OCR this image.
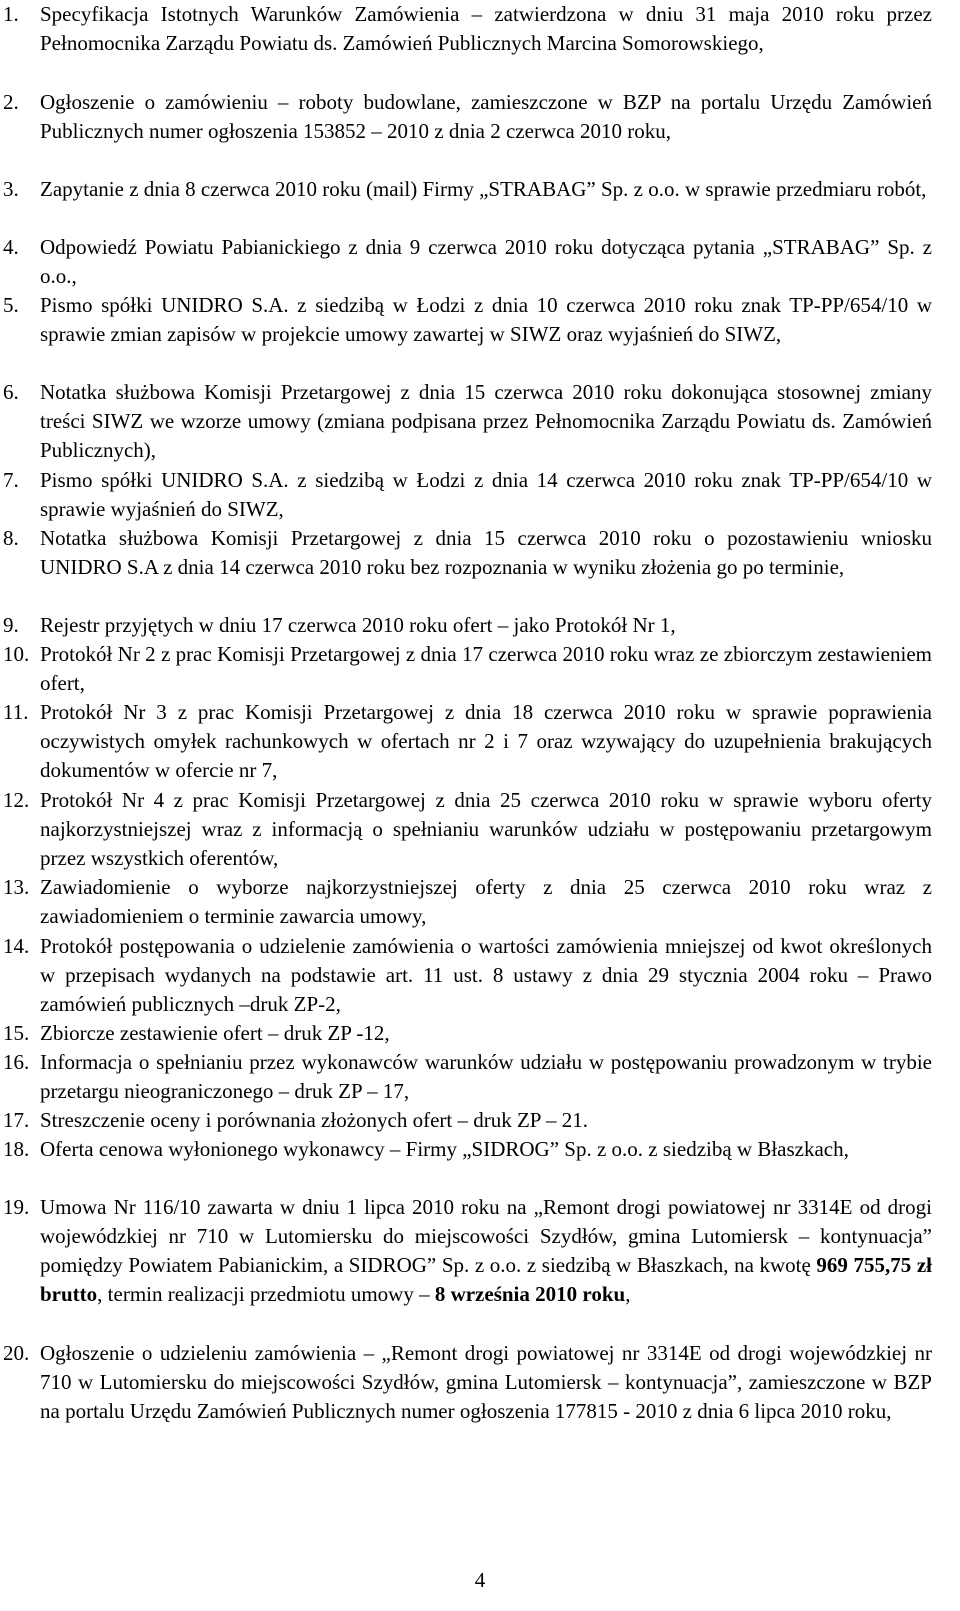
1. Specyfikacja Istotnych Warunków Zamówienia – zatwierdzona w dniu 31 maja 2010 roku przez Pełnomocnika Zarządu Powiatu ds. Zamówień Publicznych Marcina Somorowskiego,
2. Ogłoszenie o zamówieniu – roboty budowlane, zamieszczone w BZP na portalu Urzędu Zamówień Publicznych numer ogłoszenia 153852 – 2010 z dnia 2 czerwca 2010 roku,
3. Zapytanie z dnia 8 czerwca 2010 roku (mail) Firmy „STRABAG” Sp. z o.o. w sprawie przedmiaru robót,
4. Odpowiedź Powiatu Pabianickiego z dnia 9 czerwca 2010 roku dotycząca pytania „STRABAG” Sp. z o.o.,
5. Pismo spółki UNIDRO S.A. z siedzibą w Łodzi z dnia 10 czerwca 2010 roku znak TP-PP/654/10 w sprawie zmian zapisów w projekcie umowy zawartej w SIWZ oraz wyjaśnień do SIWZ,
6. Notatka służbowa Komisji Przetargowej z dnia 15 czerwca 2010 roku dokonująca stosownej zmiany treści SIWZ we wzorze umowy (zmiana podpisana przez Pełnomocnika Zarządu Powiatu ds. Zamówień Publicznych),
7. Pismo spółki UNIDRO S.A. z siedzibą w Łodzi z dnia 14 czerwca 2010 roku znak TP-PP/654/10 w sprawie wyjaśnień do SIWZ,
8. Notatka służbowa Komisji Przetargowej z dnia 15 czerwca 2010 roku o pozostawieniu wniosku UNIDRO S.A z dnia 14 czerwca 2010 roku bez rozpoznania w wyniku złożenia go po terminie,
9. Rejestr przyjętych w dniu 17 czerwca 2010 roku ofert – jako Protokół Nr 1,
10. Protokół Nr 2 z prac Komisji Przetargowej z dnia 17 czerwca 2010 roku wraz ze zbiorczym zestawieniem ofert,
11. Protokół Nr 3 z prac Komisji Przetargowej z dnia 18 czerwca 2010 roku w sprawie poprawienia oczywistych omyłek rachunkowych w ofertach nr 2 i 7 oraz wzywający do uzupełnienia brakujących dokumentów w ofercie nr 7,
12. Protokół Nr 4 z prac Komisji Przetargowej z dnia 25 czerwca 2010 roku w sprawie wyboru oferty najkorzystniejszej wraz z informacją o spełnianiu warunków udziału w postępowaniu przetargowym przez wszystkich oferentów,
13. Zawiadomienie o wyborze najkorzystniejszej oferty z dnia 25 czerwca 2010 roku wraz z zawiadomieniem o terminie zawarcia umowy,
14. Protokół postępowania o udzielenie zamówienia o wartości zamówienia mniejszej od kwot określonych w przepisach wydanych na podstawie art. 11 ust. 8 ustawy z dnia 29 stycznia 2004 roku – Prawo zamówień publicznych –druk ZP-2,
15. Zbiorcze zestawienie ofert – druk ZP -12,
16. Informacja o spełnianiu przez wykonawców warunków udziału w postępowaniu prowadzonym w trybie przetargu nieograniczonego – druk ZP – 17,
17. Streszczenie oceny i porównania złożonych ofert – druk ZP – 21.
18. Oferta cenowa wyłonionego wykonawcy – Firmy „SIDROG” Sp. z o.o. z siedzibą w Błaszkach,
19. Umowa Nr 116/10 zawarta w dniu 1 lipca 2010 roku na „Remont drogi powiatowej nr 3314E od drogi wojewódzkiej nr 710 w Lutomiersku do miejscowości Szydłów, gmina Lutomiersk – kontynuacja” pomiędzy Powiatem Pabianickim, a SIDROG” Sp. z o.o. z siedzibą w Błaszkach, na kwotę 969 755,75 zł brutto, termin realizacji przedmiotu umowy – 8 września 2010 roku,
20. Ogłoszenie o udzieleniu zamówienia – „Remont drogi powiatowej nr 3314E od drogi wojewódzkiej nr 710 w Lutomiersku do miejscowości Szydłów, gmina Lutomiersk – kontynuacja”, zamieszczone w BZP na portalu Urzędu Zamówień Publicznych numer ogłoszenia 177815 - 2010 z dnia 6 lipca 2010 roku,
4
